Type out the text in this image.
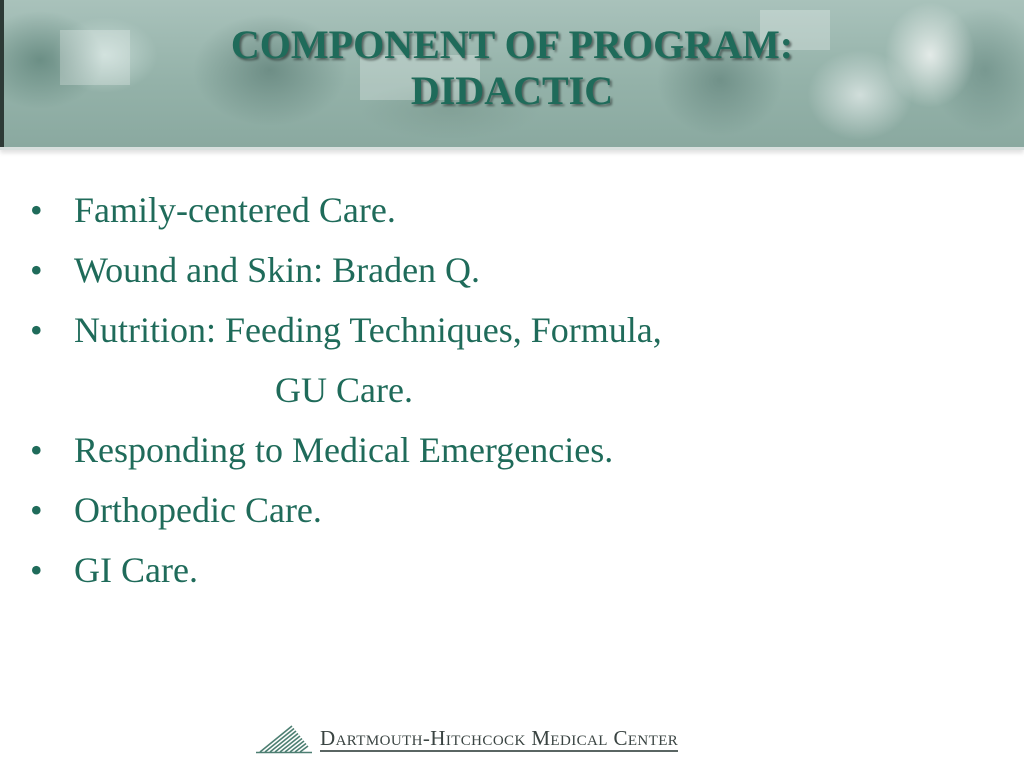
COMPONENT OF PROGRAM:
DIDACTIC
• Family-centered Care.
• Wound and Skin: Braden Q.
• Nutrition: Feeding Techniques, Formula,
GU Care.
• Responding to Medical Emergencies.
• Orthopedic Care.
• GI Care.
Dartmouth-Hitchcock Medical Center
